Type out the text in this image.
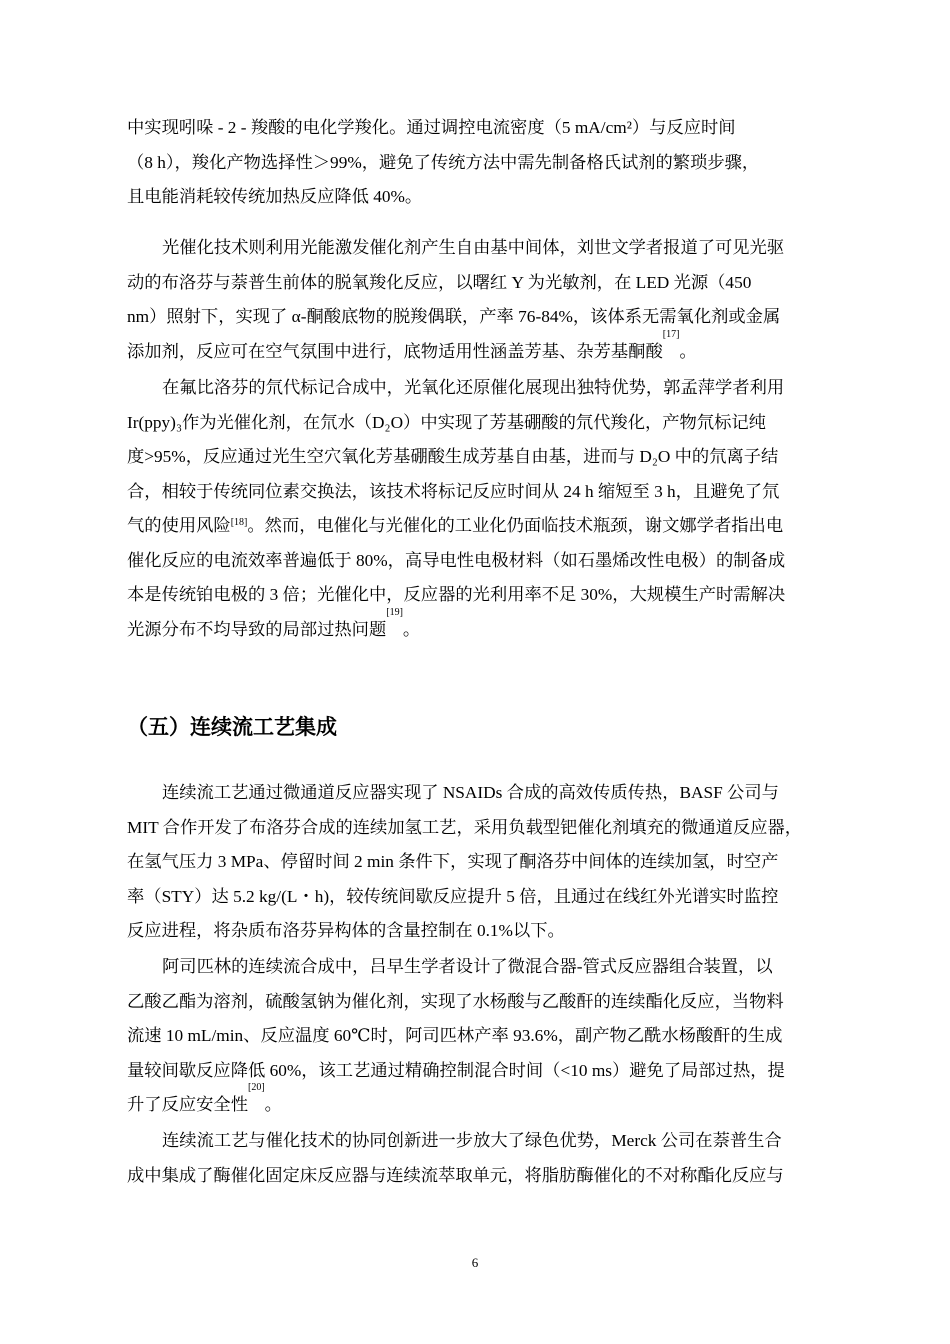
中实现吲哚 - 2 - 羧酸的电化学羧化。通过调控电流密度（5 mA/cm²）与反应时间
（8 h），羧化产物选择性＞99%，避免了传统方法中需先制备格氏试剂的繁琐步骤，
且电能消耗较传统加热反应降低 40%。
光催化技术则利用光能激发催化剂产生自由基中间体，刘世文学者报道了可见光驱
动的布洛芬与萘普生前体的脱氧羧化反应，以曙红 Y 为光敏剂，在 LED 光源（450
nm）照射下，实现了 α-酮酸底物的脱羧偶联，产率 76-84%，该体系无需氧化剂或金属
添加剂，反应可在空气氛围中进行，底物适用性涵盖芳基、杂芳基酮酸
[17]
。
在氟比洛芬的氘代标记合成中，光氧化还原催化展现出独特优势，郭孟萍学者利用
Ir(ppy)₃作为光催化剂，在氘水（D₂O）中实现了芳基硼酸的氘代羧化，产物氘标记纯
度>95%，反应通过光生空穴氧化芳基硼酸生成芳基自由基，进而与 D₂O 中的氘离子结
合，相较于传统同位素交换法，该技术将标记反应时间从 24 h 缩短至 3 h，且避免了氘
气的使用风险[18]。然而，电催化与光催化的工业化仍面临技术瓶颈，谢文娜学者指出电
催化反应的电流效率普遍低于 80%，高导电性电极材料（如石墨烯改性电极）的制备成
本是传统铂电极的 3 倍；光催化中，反应器的光利用率不足 30%，大规模生产时需解决
光源分布不均导致的局部过热问题
[19]
。
（五）连续流工艺集成
连续流工艺通过微通道反应器实现了 NSAIDs 合成的高效传质传热，BASF 公司与
MIT 合作开发了布洛芬合成的连续加氢工艺，采用负载型钯催化剂填充的微通道反应器，
在氢气压力 3 MPa、停留时间 2 min 条件下，实现了酮洛芬中间体的连续加氢，时空产
率（STY）达 5.2 kg/(L・h)，较传统间歇反应提升 5 倍，且通过在线红外光谱实时监控
反应进程，将杂质布洛芬异构体的含量控制在 0.1%以下。
阿司匹林的连续流合成中，吕早生学者设计了微混合器-管式反应器组合装置，以
乙酸乙酯为溶剂，硫酸氢钠为催化剂，实现了水杨酸与乙酸酐的连续酯化反应，当物料
流速 10 mL/min、反应温度 60℃时，阿司匹林产率 93.6%，副产物乙酰水杨酸酐的生成
量较间歇反应降低 60%，该工艺通过精确控制混合时间（<10 ms）避免了局部过热，提
升了反应安全性
[20]
。
连续流工艺与催化技术的协同创新进一步放大了绿色优势，Merck 公司在萘普生合
成中集成了酶催化固定床反应器与连续流萃取单元，将脂肪酶催化的不对称酯化反应与
6
